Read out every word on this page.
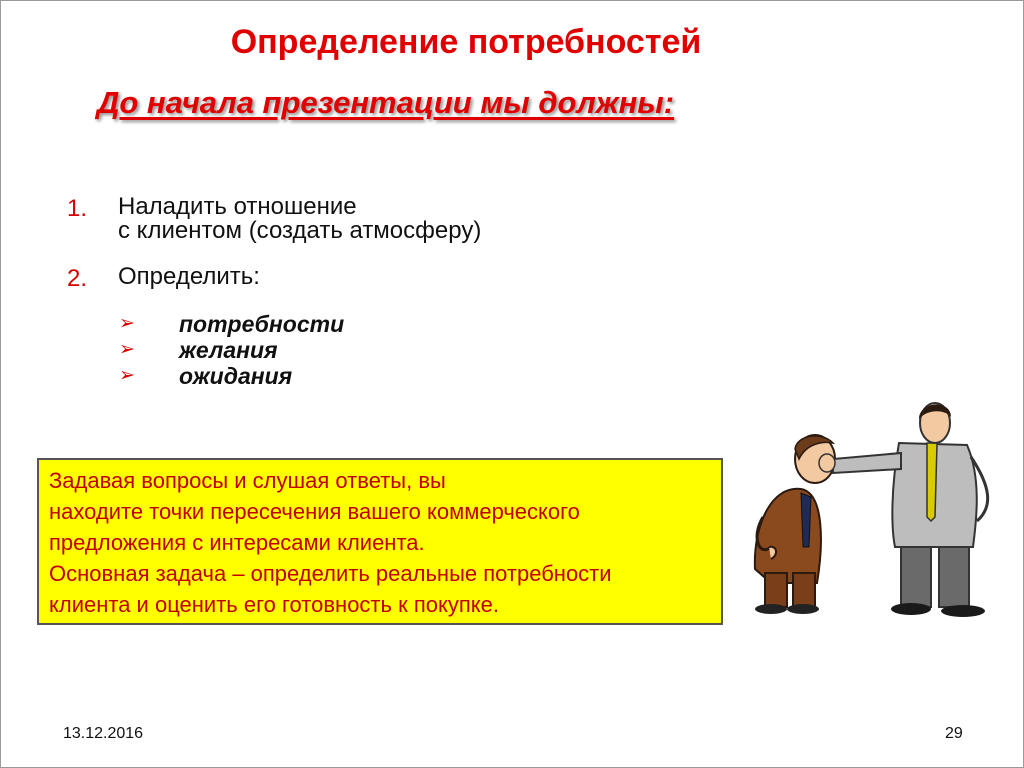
Определение потребностей
До начала презентации мы должны:
1. Наладить отношение
с клиентом (создать атмосферу)
2. Определить:
➢ потребности
➢ желания
➢ ожидания
Задавая вопросы и слушая ответы, вы
находите точки пересечения вашего коммерческого
предложения с интересами клиента.
Основная задача – определить реальные потребности
клиента и оценить его готовность к покупке.
13.12.2016	29
